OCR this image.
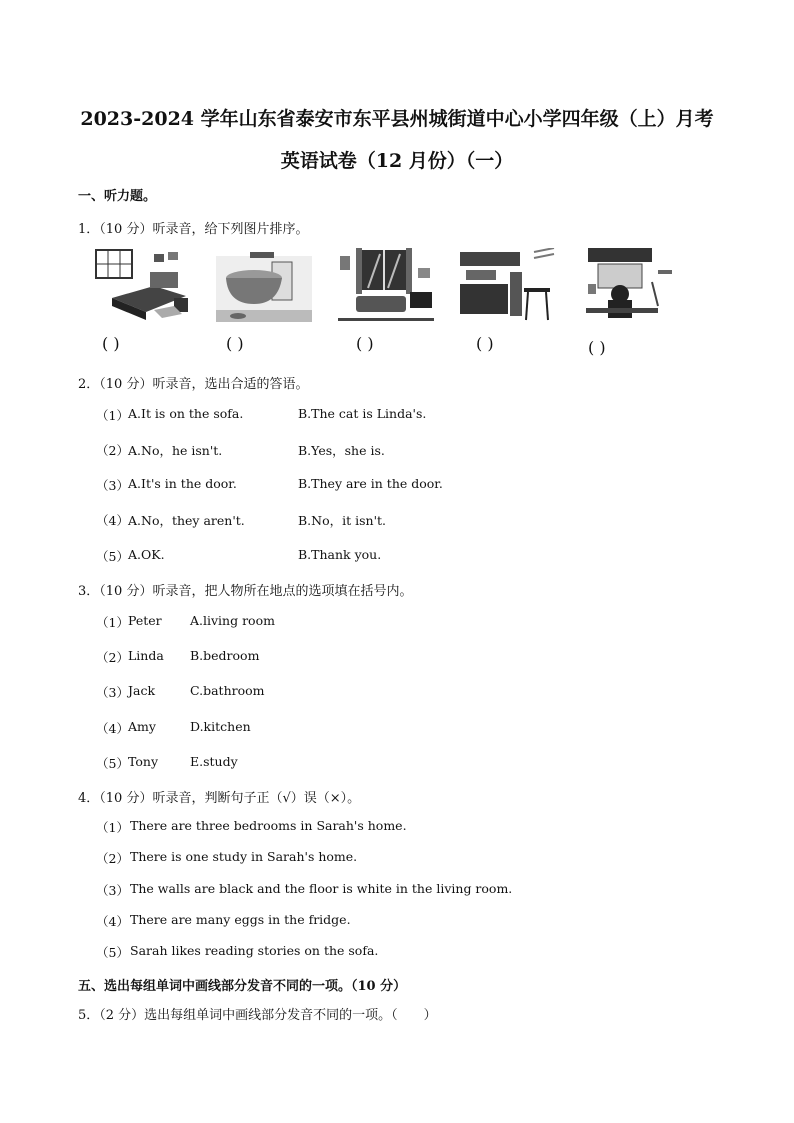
2023-2024 学年山东省泰安市东平县州城街道中心小学四年级（上）月考
英语试卷（12 月份）（一）
一、听力题。
1．（10 分）听录音，给下列图片排序。
( )	( )	( )	( )	( )
2．（10 分）听录音，选出合适的答语。
（1） A.It is on the sofa.	B.The cat is Linda's.
（2） A.No，he isn't.	B.Yes，she is.
（3） A.It's in the door.	B.They are in the door.
（4） A.No，they aren't.	B.No，it isn't.
（5） A.OK.	B.Thank you.
3．（10 分）听录音，把人物所在地点的选项填在括号内。
（1） Peter A.living room
（2） Linda B.bedroom
（3） Jack	C.bathroom
（4） Amy	D.kitchen
（5） Tony	E.study
4．（10 分）听录音，判断句子正（√）误（×）。
（1） There are three bedrooms in Sarah's home.
（2） There is one study in Sarah's home.
（3） The walls are black and the floor is white in the living room.
（4） There are many eggs in the fridge.
（5） Sarah likes reading stories on the sofa.
五、选出每组单词中画线部分发音不同的一项。（10 分）
5．（2 分）选出每组单词中画线部分发音不同的一项。（　　）
